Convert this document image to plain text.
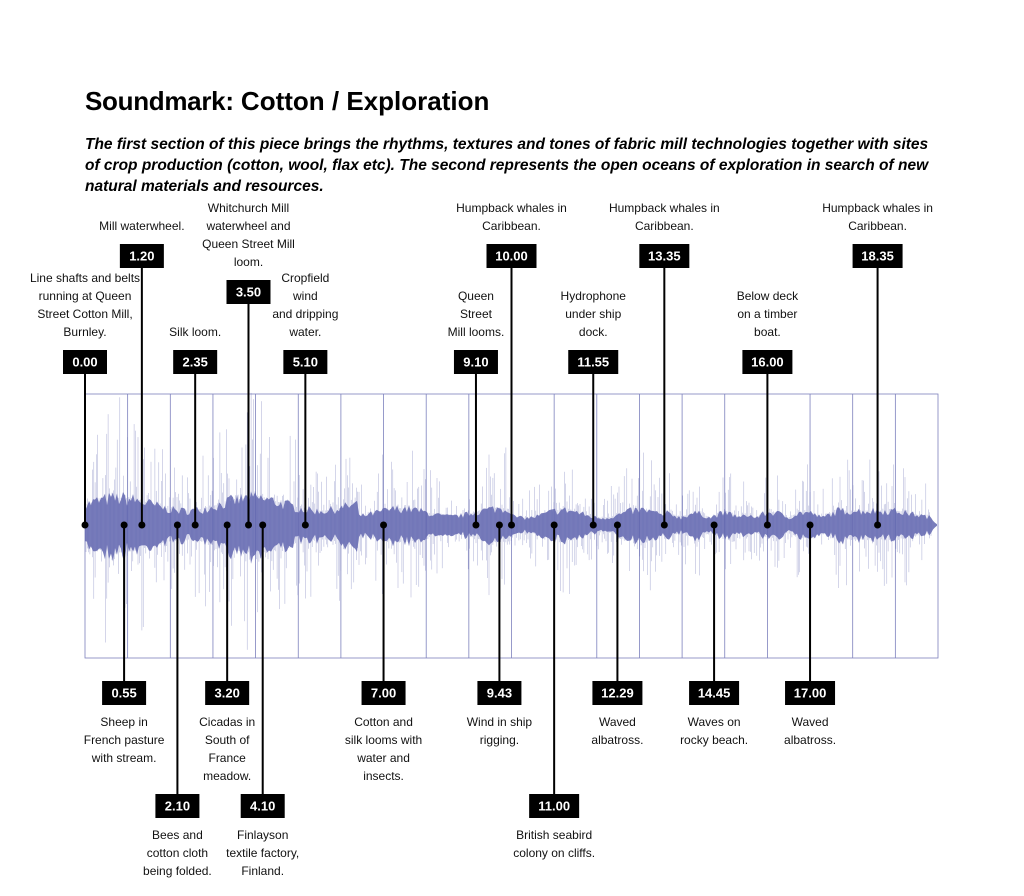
Soundmark: Cotton / Exploration

The first section of this piece brings the rhythms, textures and tones of fabric mill technologies together with sites of crop production (cotton, wool, flax etc). The second represents the open oceans of exploration in search of new natural materials and resources.

0.00
Line shafts and belts
running at Queen
Street Cotton Mill,
Burnley.
0.55
Sheep in
French pasture
with stream.
1.20
Mill waterwheel.
2.10
Bees and
cotton cloth
being folded.
2.35
Silk loom.
3.20
Cicadas in
South of
France
meadow.
3.50
Whitchurch Mill
waterwheel and
Queen Street Mill
loom.
4.10
Finlayson
textile factory,
Finland.
5.10
Cropfield
wind
and dripping
water.
7.00
Cotton and
silk looms with
water and
insects.
9.10
Queen
Street
Mill looms.
9.43
Wind in ship
rigging.
10.00
Humpback whales in
Caribbean.
11.00
British seabird
colony on cliffs.
11.55
Hydrophone
under ship
dock.
12.29
Waved
albatross.
13.35
Humpback whales in
Caribbean.
14.45
Waves on
rocky beach.
16.00
Below deck
on a timber
boat.
17.00
Waved
albatross.
18.35
Humpback whales in
Caribbean.
